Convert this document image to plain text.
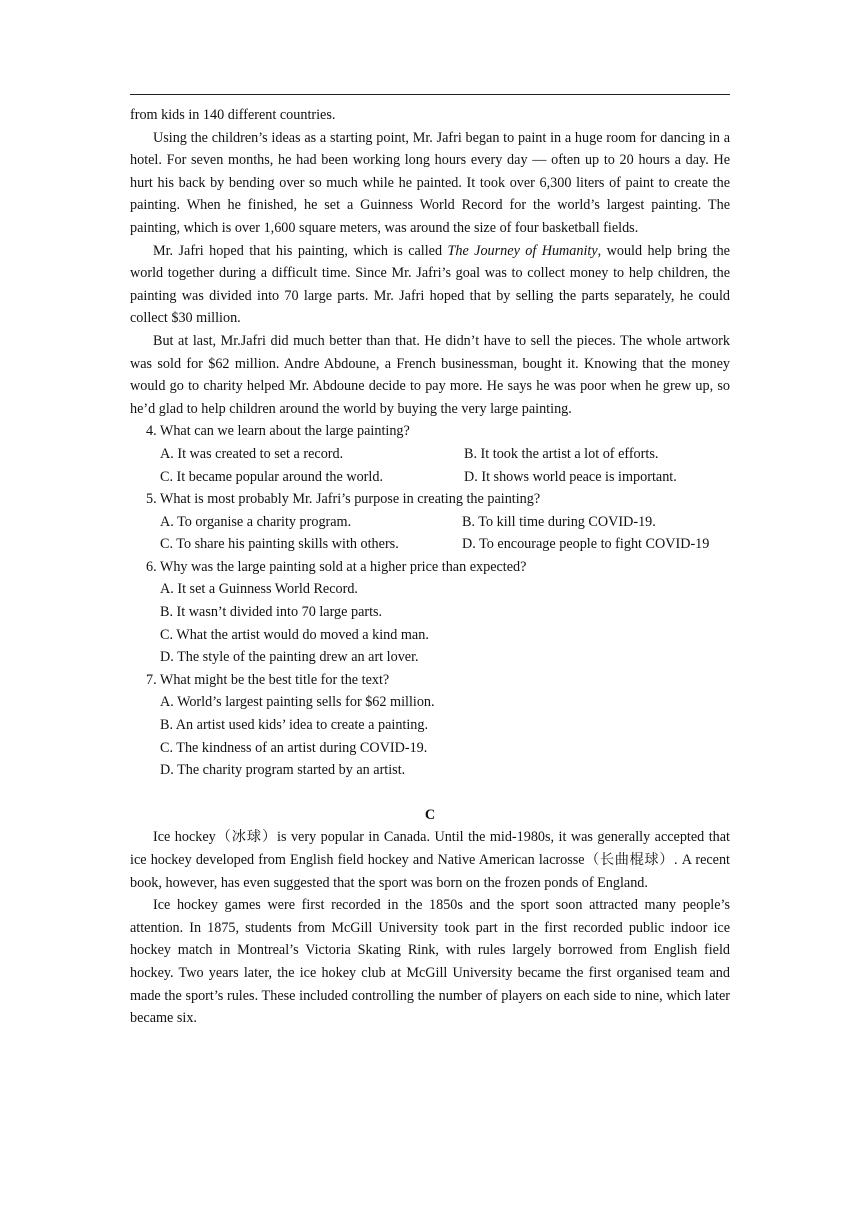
from kids in 140 different countries.

Using the children’s ideas as a starting point, Mr. Jafri began to paint in a huge room for dancing in a hotel. For seven months, he had been working long hours every day — often up to 20 hours a day. He hurt his back by bending over so much while he painted. It took over 6,300 liters of paint to create the painting. When he finished, he set a Guinness World Record for the world’s largest painting. The painting, which is over 1,600 square meters, was around the size of four basketball fields.

Mr. Jafri hoped that his painting, which is called The Journey of Humanity, would help bring the world together during a difficult time. Since Mr. Jafri’s goal was to collect money to help children, the painting was divided into 70 large parts. Mr. Jafri hoped that by selling the parts separately, he could collect $30 million.

But at last, Mr.Jafri did much better than that. He didn’t have to sell the pieces. The whole artwork was sold for $62 million. Andre Abdoune, a French businessman, bought it. Knowing that the money would go to charity helped Mr. Abdoune decide to pay more. He says he was poor when he grew up, so he’d glad to help children around the world by buying the very large painting.

4. What can we learn about the large painting?

A. It was created to set a record.	B. It took the artist a lot of efforts.
C. It became popular around the world.	D. It shows world peace is important.

5. What is most probably Mr. Jafri’s purpose in creating the painting?

A. To organise a charity program.	B. To kill time during COVID-19.
C. To share his painting skills with others.	D. To encourage people to fight COVID-19

6. Why was the large painting sold at a higher price than expected?

A. It set a Guinness World Record.
B. It wasn’t divided into 70 large parts.
C. What the artist would do moved a kind man.
D. The style of the painting drew an art lover.

7. What might be the best title for the text?

A. World’s largest painting sells for $62 million.
B. An artist used kids’ idea to create a painting.
C. The kindness of an artist during COVID-19.
D. The charity program started by an artist.

C

Ice hockey（冰球）is very popular in Canada. Until the mid-1980s, it was generally accepted that ice hockey developed from English field hockey and Native American lacrosse（长曲棍球）. A recent book, however, has even suggested that the sport was born on the frozen ponds of England.

Ice hockey games were first recorded in the 1850s and the sport soon attracted many people’s attention. In 1875, students from McGill University took part in the first recorded public indoor ice hockey match in Montreal’s Victoria Skating Rink, with rules largely borrowed from English field hockey. Two years later, the ice hokey club at McGill University became the first organised team and made the sport’s rules. These included controlling the number of players on each side to nine, which later became six.
